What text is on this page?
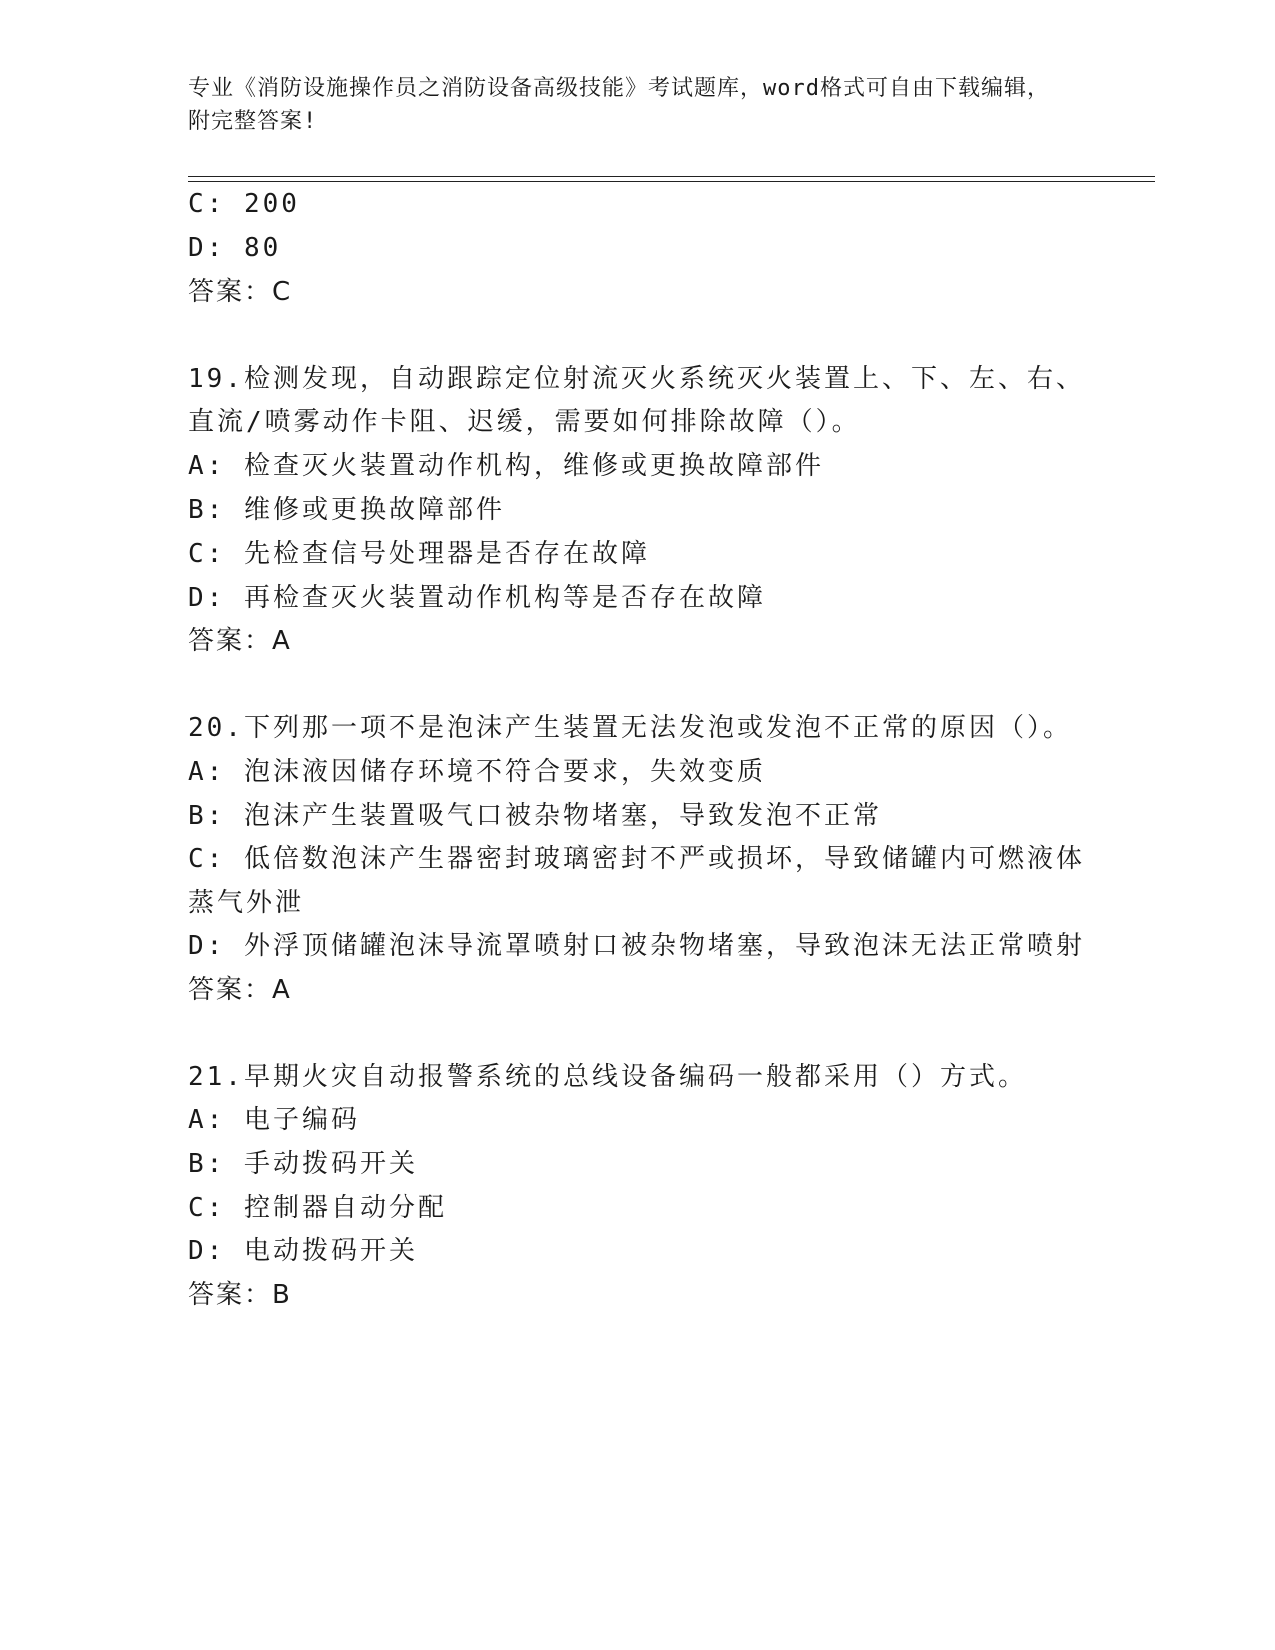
专业《消防设施操作员之消防设备高级技能》考试题库，word格式可自由下载编辑，附完整答案!
C: 200
D: 80
答案：C
19.检测发现，自动跟踪定位射流灭火系统灭火装置上、下、左、右、
直流/喷雾动作卡阻、迟缓，需要如何排除故障（）。
A: 检查灭火装置动作机构，维修或更换故障部件
B: 维修或更换故障部件
C: 先检查信号处理器是否存在故障
D: 再检查灭火装置动作机构等是否存在故障
答案：A
20.下列那一项不是泡沫产生装置无法发泡或发泡不正常的原因（）。
A: 泡沫液因储存环境不符合要求，失效变质
B: 泡沫产生装置吸气口被杂物堵塞，导致发泡不正常
C: 低倍数泡沫产生器密封玻璃密封不严或损坏，导致储罐内可燃液体
蒸气外泄
D: 外浮顶储罐泡沫导流罩喷射口被杂物堵塞，导致泡沫无法正常喷射
答案：A
21.早期火灾自动报警系统的总线设备编码一般都采用（）方式。
A: 电子编码
B: 手动拨码开关
C: 控制器自动分配
D: 电动拨码开关
答案：B
